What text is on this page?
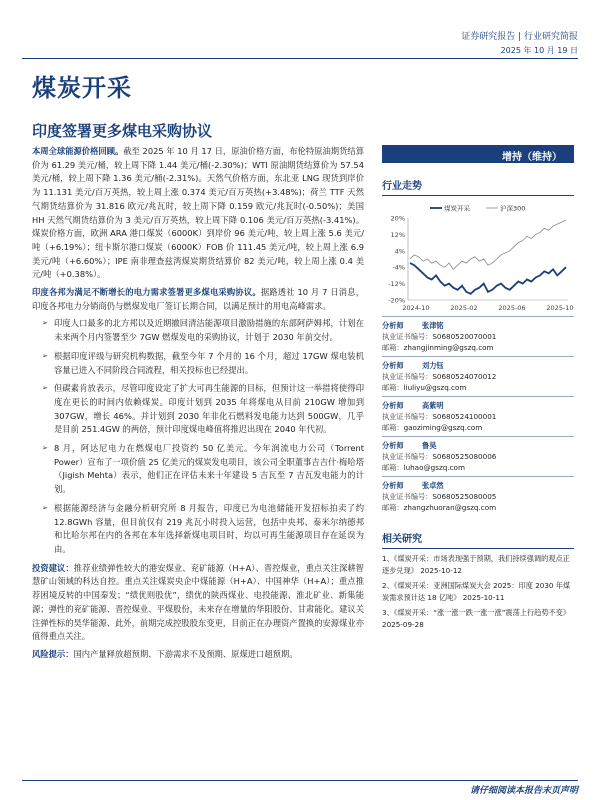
证券研究报告 | 行业研究简报
2025 年 10 月 19 日
煤炭开采
印度签署更多煤电采购协议

本周全球能源价格回顾。截至 2025 年 10 月 17 日，原油价格方面，布伦特原油期货结算价为 61.29 美元/桶，较上周下降 1.44 美元/桶(-2.30%)；WTI 原油期货结算价为 57.54 美元/桶，较上周下降 1.36 美元/桶(-2.31%)。天然气价格方面，东北亚 LNG 现货到岸价为 11.131 美元/百万英热，较上周上涨 0.374 美元/百万英热(+3.48%)；荷兰 TTF 天然气期货结算价为 31.816 欧元/兆瓦时，较上周下降 0.159 欧元/兆瓦时(-0.50%)；美国 HH 天然气期货结算价为 3 美元/百万英热，较上周下降 0.106 美元/百万英热(-3.41%)。煤炭价格方面，欧洲 ARA 港口煤炭（6000K）到岸价 96 美元/吨，较上周上涨 5.6 美元/吨（+6.19%）；纽卡斯尔港口煤炭（6000K）FOB 价 111.45 美元/吨，较上周上涨 6.9 美元/吨（+6.60%）；IPE 南非理查兹湾煤炭期货结算价 82 美元/吨，较上周上涨 0.4 美元/吨（+0.38%）。

印度各邦为满足不断增长的电力需求签署更多煤电采购协议。据路透社 10 月 7 日消息，印度各邦电力分销商仍与燃煤发电厂签订长期合同，以满足预计的用电高峰需求。

➢ 印度人口最多的北方邦以及近期撤回清洁能源项目激励措施的东部阿萨姆邦，计划在未来两个月内签署至少 7GW 燃煤发电的采购协议，计划于 2030 年前交付。
➢ 根据印度评级与研究机构数据，截至今年 7 个月的 16 个月，超过 17GW 煤电装机容量已进入不同阶段合同流程，相关投标也已经提出。
➢ 但碳素肯放表示，尽管印度设定了扩大可再生能源的目标，但预计这一举措将使得印度在更长的时间内依赖煤炭。印度计划到 2035 年将煤电从目前 210GW 增加到 307GW，增长 46%。并计划到 2030 年非化石燃料发电能力达到 500GW，几乎是目前 251.4GW 的两倍，预计印度煤电峰值将推迟出现在 2040 年代初。
➢ 8 月，阿达尼电力在燃煤电厂投资约 50 亿美元。今年润流电力公司（Torrent Power）宣布了一项价值 25 亿美元的煤炭发电项目，该公司全职董事吉吉什·梅哈塔（Jigish Mehta）表示，他们正在评估未来十年建设 5 吉瓦至 7 吉瓦发电能力的计划。
➢ 根据能源经济与金融分析研究所 8 月报告，印度已为电池储能开发招标拍卖了约 12.8GWh 容量，但目前仅有 219 兆瓦小时投入运营，包括中央邦、泰米尔纳德邦和比哈尔邦在内的各邦在本年选择新煤电项目时，均以可再生能源项目存在延误为由。

投资建议：推荐业绩弹性较大的港安煤业、兖矿能源（H+A）、晋控煤业，重点关注深耕智慧矿山领域的科达自控。重点关注煤炭央企中煤能源（H+A）、中国神华（H+A）；重点推荐困境反转的中国秦发；“绩优则股优”，绩优的陕西煤业、电投能源、淮北矿业、新集能源；弹性的兖矿能源、晋控煤业、平煤股份，未来存在增量的华阳股份、甘肃能化。建议关注弹性标的昊华能源、此外，前期完成控股股东变更，目前正在办理资产置换的安源煤业亦值得重点关注。

风险提示：国内产量释放超预期、下游需求不及预期、原煤进口超预期。

增持（维持）
行业走势
20%
12%
4%
-4%
-12%
-20%
2024-10	2025-02	2025-06	2025-10
煤炭开采	沪深300
分析师	张津铭
执业证书编号：S0680520070001
邮箱：zhangjinming@gszq.com
分析师	刘力钰
执业证书编号：S0680524070012
邮箱：liuliyu@gszq.com
分析师	高紫明
执业证书编号：S0680524100001
邮箱：gaoziming@gszq.com
分析师	鲁昊
执业证书编号：S0680525080006
邮箱：luhao@gszq.com
分析师	张卓然
执业证书编号：S0680525080005
邮箱：zhangzhuoran@gszq.com
相关研究
1、《煤炭开采：市场表现强于预期，我们持续强调的观点正逐步兑现》 2025-10-12
2、《煤炭开采：亚洲国际煤炭大会 2025：印度 2030 年煤炭需求预计达 18 亿吨》 2025-10-11
3、《煤炭开采：“涨一涨一跌一涨一涨”震荡上行趋势不变》 2025-09-28
请仔细阅读本报告末页声明
